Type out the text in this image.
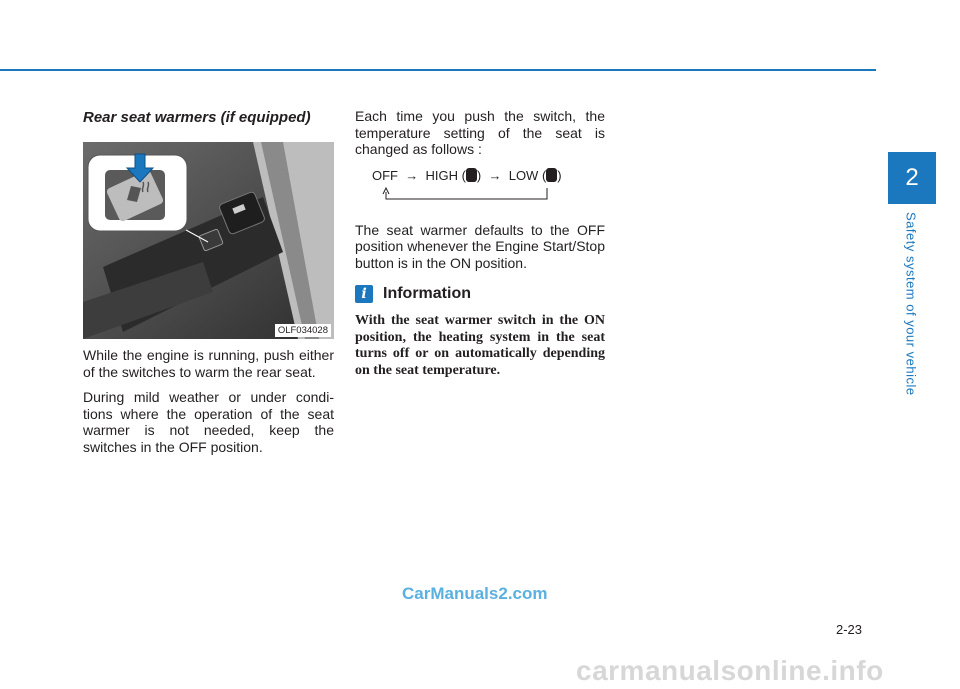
2
Safety system of your vehicle
Rear seat warmers (if equipped)
OLF034028

While the engine is running, push either of the switches to warm the rear seat.

During mild weather or under condi-tions where the operation of the seat warmer is not needed, keep the switches in the OFF position.

Each time you push the switch, the temperature setting of the seat is changed as follows :

OFF → HIGH ( )  → LOW ( )

The seat warmer defaults to the OFF position whenever the Engine Start/Stop button is in the ON position.

i	Information

With the seat warmer switch in the ON position, the heating system in the seat turns off or on automatically depending on the seat temperature.

2-23
CarManuals2.com
carmanualsonline.info
